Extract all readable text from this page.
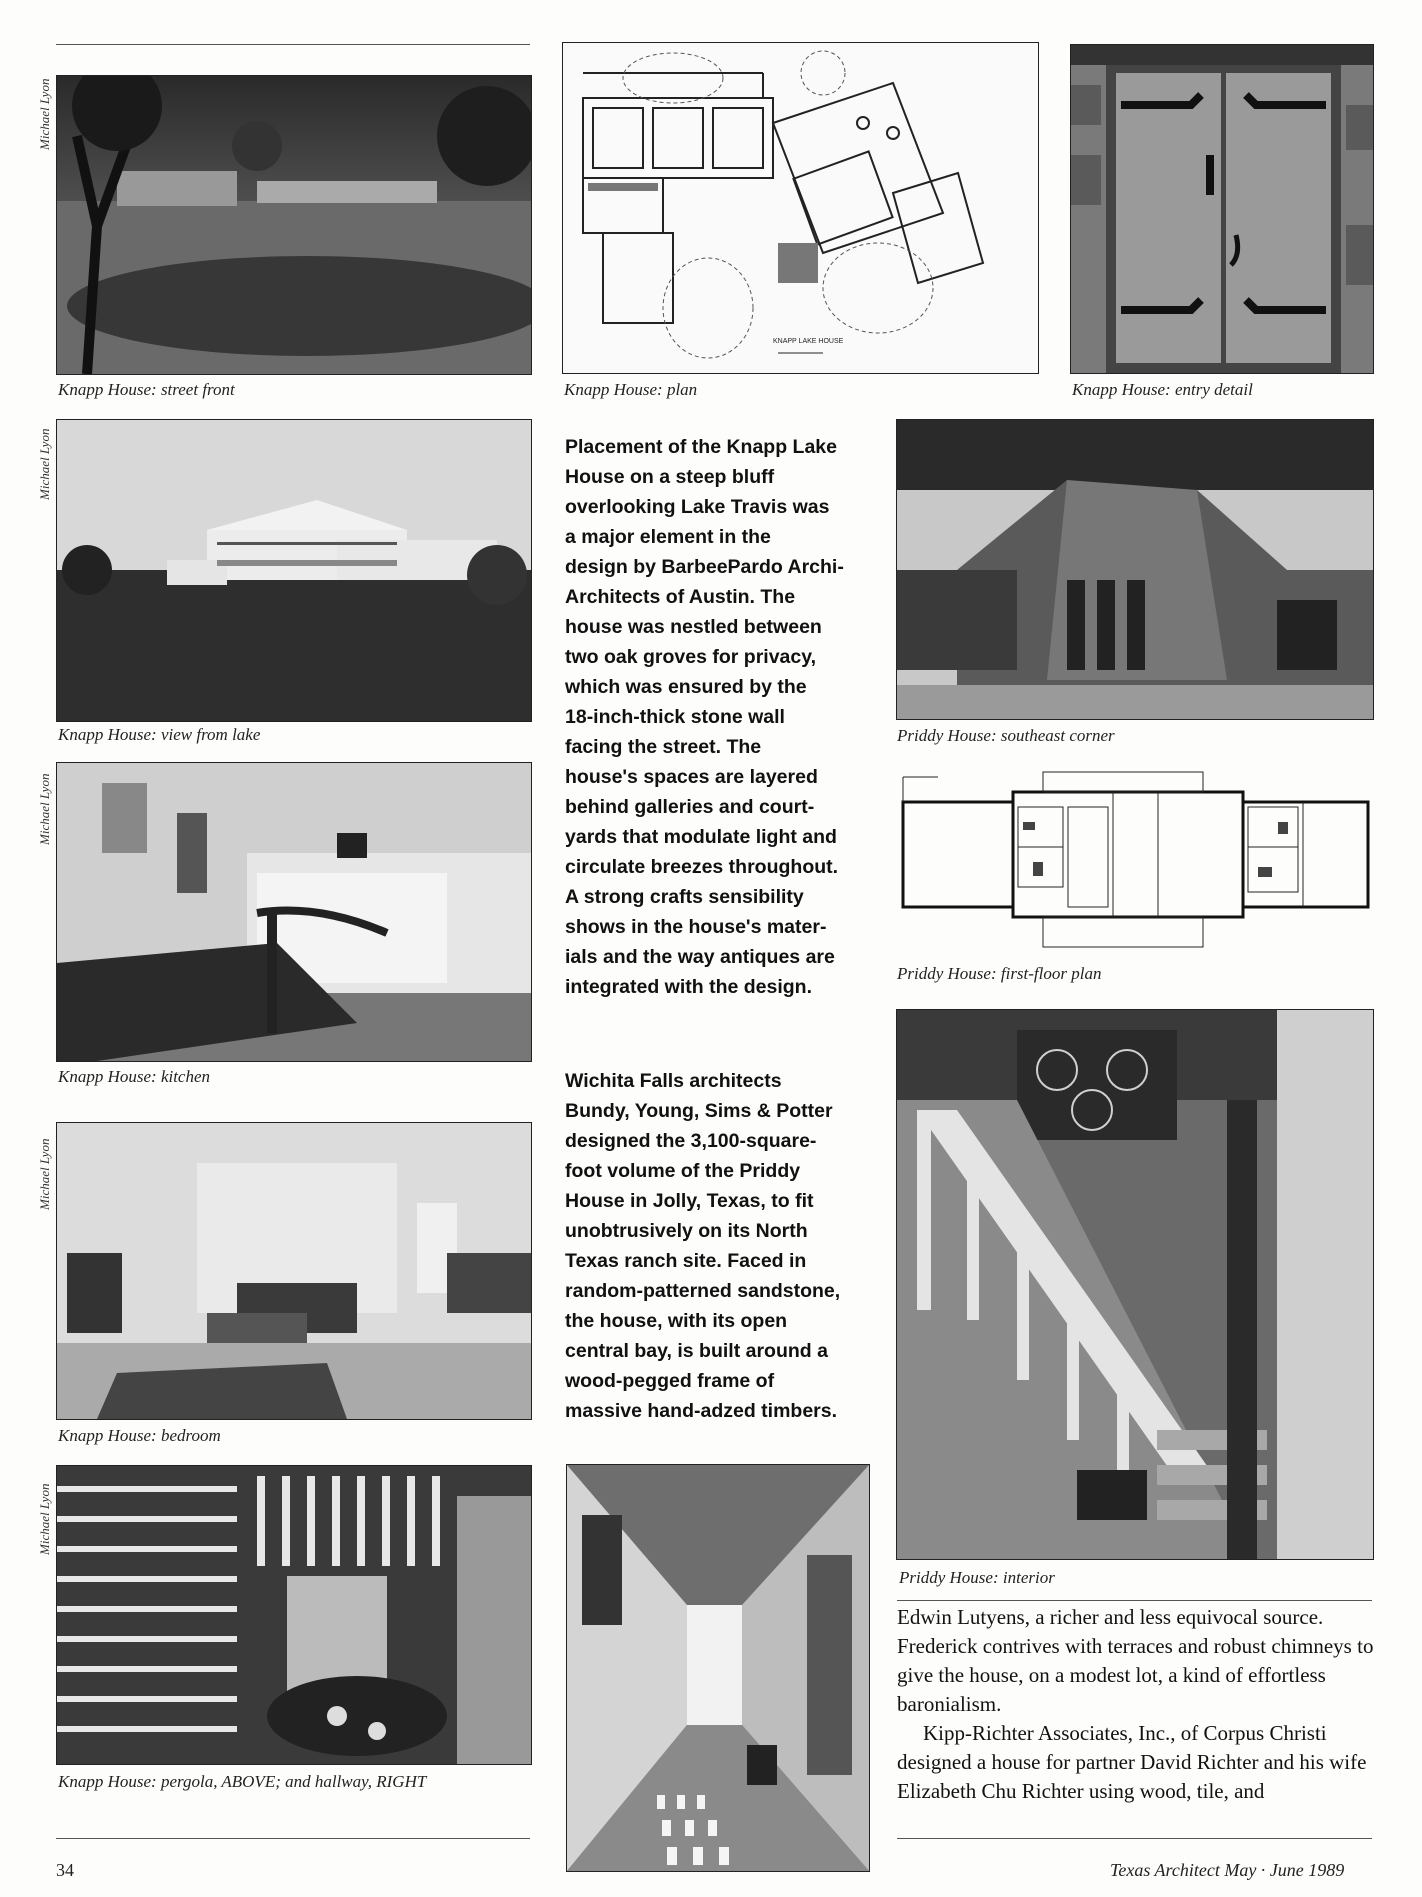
Michael Lyon
Knapp House: street front
Michael Lyon
Knapp House: view from lake
Michael Lyon
Knapp House: kitchen
Michael Lyon
Knapp House: bedroom
Michael Lyon
Knapp House: pergola, ABOVE; and hallway, RIGHT
KNAPP LAKE HOUSE
Knapp House: plan
Placement of the Knapp Lake
House on a steep bluff
overlooking Lake Travis was
a major element in the
design by BarbeePardo Archi-
Architects of Austin. The
house was nestled between
two oak groves for privacy,
which was ensured by the
18-inch-thick stone wall
facing the street. The
house's spaces are layered
behind galleries and court-
yards that modulate light and
circulate breezes throughout.
A strong crafts sensibility
shows in the house's mater-
ials and the way antiques are
integrated with the design.
Wichita Falls architects
Bundy, Young, Sims & Potter
designed the 3,100-square-
foot volume of the Priddy
House in Jolly, Texas, to fit
unobtrusively on its North
Texas ranch site. Faced in
random-patterned sandstone,
the house, with its open
central bay, is built around a
wood-pegged frame of
massive hand-adzed timbers.
Knapp House: entry detail
Priddy House: southeast corner
Priddy House: first-floor plan
Priddy House: interior

Edwin Lutyens, a richer and less equivocal source. Frederick contrives with terraces and robust chimneys to give the house, on a modest lot, a kind of effortless baronialism.

Kipp-Richter Associates, Inc., of Corpus Christi designed a house for partner David Richter and his wife Elizabeth Chu Richter using wood, tile, and

34	Texas Architect May · June 1989
